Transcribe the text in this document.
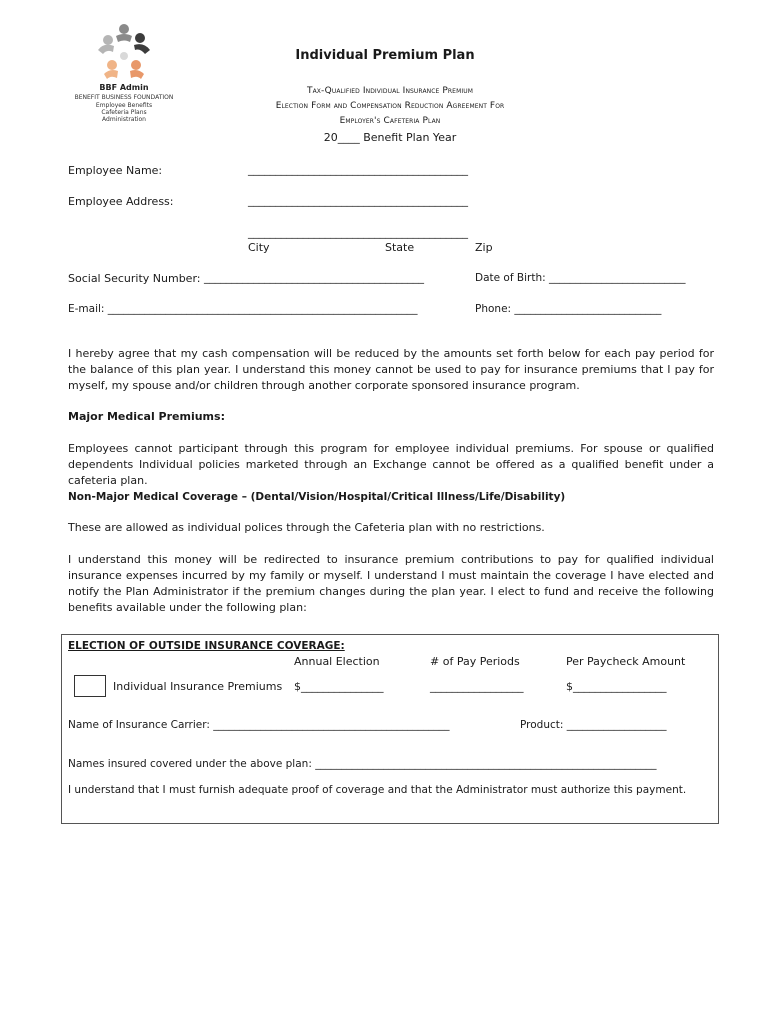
BBF Admin
BENEFIT BUSINESS FOUNDATION
Employee Benefits
Cafeteria Plans
Administration
Individual Premium Plan
Tax-Qualified Individual Insurance Premium
Election Form and Compensation Reduction Agreement For
Employer's Cafeteria Plan
20____ Benefit Plan Year
Employee Name:	________________________________________
Employee Address:	________________________________________
________________________________________
City	State	Zip
Social Security Number: ________________________________________	Date of Birth: __________________________
E-mail: ___________________________________________________________	Phone: ____________________________
I hereby agree that my cash compensation will be reduced by the amounts set forth below for each pay period for the balance of this plan year. I understand this money cannot be used to pay for insurance premiums that I pay for myself, my spouse and/or children through another corporate sponsored insurance program.
Major Medical Premiums:
Employees cannot participant through this program for employee individual premiums. For spouse or qualified dependents Individual policies marketed through an Exchange cannot be offered as a qualified benefit under a cafeteria plan.
Non-Major Medical Coverage – (Dental/Vision/Hospital/Critical Illness/Life/Disability)
These are allowed as individual polices through the Cafeteria plan with no restrictions.
I understand this money will be redirected to insurance premium contributions to pay for qualified individual insurance expenses incurred by my family or myself. I understand I must maintain the coverage I have elected and notify the Plan Administrator if the premium changes during the plan year. I elect to fund and receive the following benefits available under the following plan:
ELECTION OF OUTSIDE INSURANCE COVERAGE:
Annual Election	# of Pay Periods	Per Paycheck Amount
Individual Insurance Premiums $_______________	_________________	$_________________
Name of Insurance Carrier: _____________________________________________	Product: ___________________
Names insured covered under the above plan: _________________________________________________________________
I understand that I must furnish adequate proof of coverage and that the Administrator must authorize this payment.
